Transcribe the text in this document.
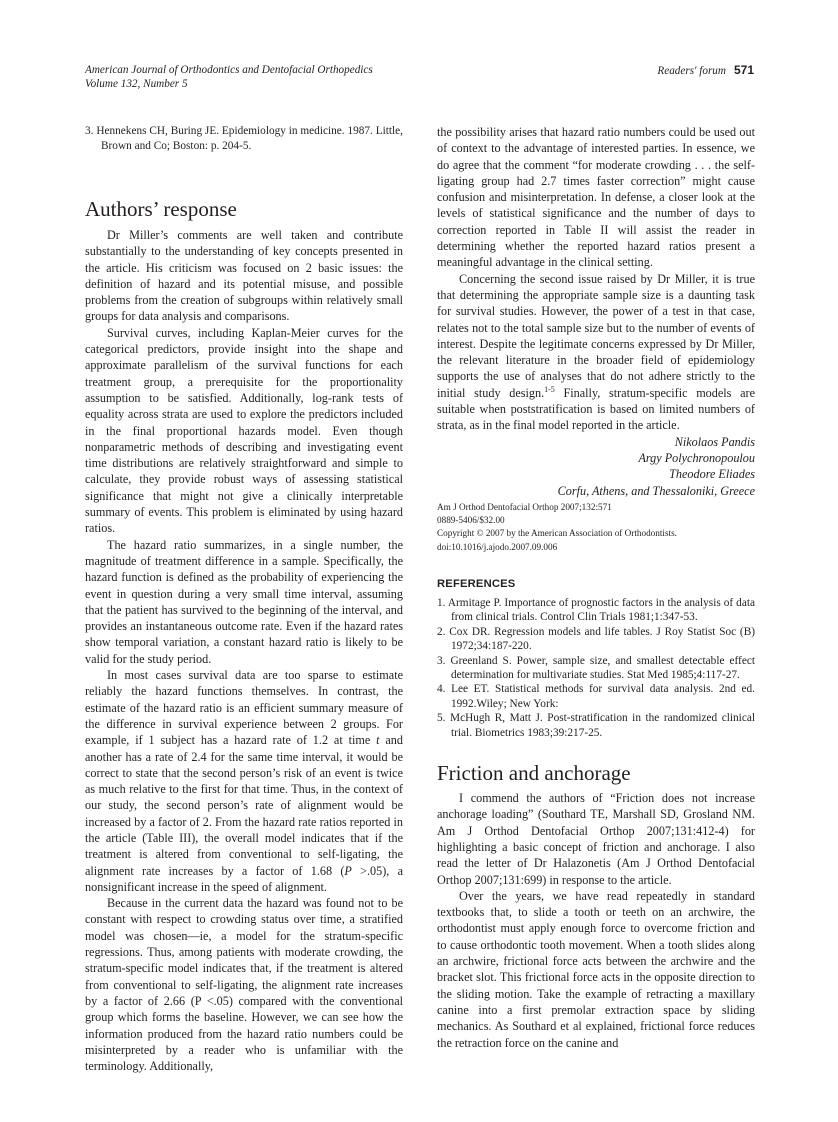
American Journal of Orthodontics and Dentofacial Orthopedics
Volume 132, Number 5
Readers' forum 571

3. Hennekens CH, Buring JE. Epidemiology in medicine. 1987. Little, Brown and Co; Boston: p. 204-5.

Authors’ response

Dr Miller’s comments are well taken and contribute substantially to the understanding of key concepts presented in the article. His criticism was focused on 2 basic issues: the definition of hazard and its potential misuse, and possible problems from the creation of subgroups within relatively small groups for data analysis and comparisons.

Survival curves, including Kaplan-Meier curves for the categorical predictors, provide insight into the shape and approximate parallelism of the survival functions for each treatment group, a prerequisite for the proportionality assumption to be satisfied. Additionally, log-rank tests of equality across strata are used to explore the predictors included in the final proportional hazards model. Even though nonparametric methods of describing and investigating event time distributions are relatively straightforward and simple to calculate, they provide robust ways of assessing statistical significance that might not give a clinically interpretable summary of events. This problem is eliminated by using hazard ratios.

The hazard ratio summarizes, in a single number, the magnitude of treatment difference in a sample. Specifically, the hazard function is defined as the probability of experiencing the event in question during a very small time interval, assuming that the patient has survived to the beginning of the interval, and provides an instantaneous outcome rate. Even if the hazard rates show temporal variation, a constant hazard ratio is likely to be valid for the study period.

In most cases survival data are too sparse to estimate reliably the hazard functions themselves. In contrast, the estimate of the hazard ratio is an efficient summary measure of the difference in survival experience between 2 groups. For example, if 1 subject has a hazard rate of 1.2 at time t and another has a rate of 2.4 for the same time interval, it would be correct to state that the second person’s risk of an event is twice as much relative to the first for that time. Thus, in the context of our study, the second person’s rate of alignment would be increased by a factor of 2. From the hazard rate ratios reported in the article (Table III), the overall model indicates that if the treatment is altered from conventional to self-ligating, the alignment rate increases by a factor of 1.68 (P >.05), a nonsignificant increase in the speed of alignment.

Because in the current data the hazard was found not to be constant with respect to crowding status over time, a stratified model was chosen—ie, a model for the stratum-specific regressions. Thus, among patients with moderate crowding, the stratum-specific model indicates that, if the treatment is altered from conventional to self-ligating, the alignment rate increases by a factor of 2.66 (P <.05) compared with the conventional group which forms the baseline. However, we can see how the information produced from the hazard ratio numbers could be misinterpreted by a reader who is unfamiliar with the terminology. Additionally,

the possibility arises that hazard ratio numbers could be used out of context to the advantage of interested parties. In essence, we do agree that the comment “for moderate crowding . . . the self-ligating group had 2.7 times faster correction” might cause confusion and misinterpretation. In defense, a closer look at the levels of statistical significance and the number of days to correction reported in Table II will assist the reader in determining whether the reported hazard ratios present a meaningful advantage in the clinical setting.

Concerning the second issue raised by Dr Miller, it is true that determining the appropriate sample size is a daunting task for survival studies. However, the power of a test in that case, relates not to the total sample size but to the number of events of interest. Despite the legitimate concerns expressed by Dr Miller, the relevant literature in the broader field of epidemiology supports the use of analyses that do not adhere strictly to the initial study design.$^{1-5}$ Finally, stratum-specific models are suitable when poststratification is based on limited numbers of strata, as in the final model reported in the article.

Nikolaos Pandis
Argy Polychronopoulou
Theodore Eliades
Corfu, Athens, and Thessaloniki, Greece
Am J Orthod Dentofacial Orthop 2007;132:571
0889-5406/$32.00
Copyright © 2007 by the American Association of Orthodontists.
doi:10.1016/j.ajodo.2007.09.006
REFERENCES

1. Armitage P. Importance of prognostic factors in the analysis of data from clinical trials. Control Clin Trials 1981;1:347-53.

2. Cox DR. Regression models and life tables. J Roy Statist Soc (B) 1972;34:187-220.

3. Greenland S. Power, sample size, and smallest detectable effect determination for multivariate studies. Stat Med 1985;4:117-27.

4. Lee ET. Statistical methods for survival data analysis. 2nd ed. 1992.Wiley; New York:

5. McHugh R, Matt J. Post-stratification in the randomized clinical trial. Biometrics 1983;39:217-25.

Friction and anchorage

I commend the authors of “Friction does not increase anchorage loading” (Southard TE, Marshall SD, Grosland NM. Am J Orthod Dentofacial Orthop 2007;131:412-4) for highlighting a basic concept of friction and anchorage. I also read the letter of Dr Halazonetis (Am J Orthod Dentofacial Orthop 2007;131:699) in response to the article.

Over the years, we have read repeatedly in standard textbooks that, to slide a tooth or teeth on an archwire, the orthodontist must apply enough force to overcome friction and to cause orthodontic tooth movement. When a tooth slides along an archwire, frictional force acts between the archwire and the bracket slot. This frictional force acts in the opposite direction to the sliding motion. Take the example of retracting a maxillary canine into a first premolar extraction space by sliding mechanics. As Southard et al explained, frictional force reduces the retraction force on the canine and
